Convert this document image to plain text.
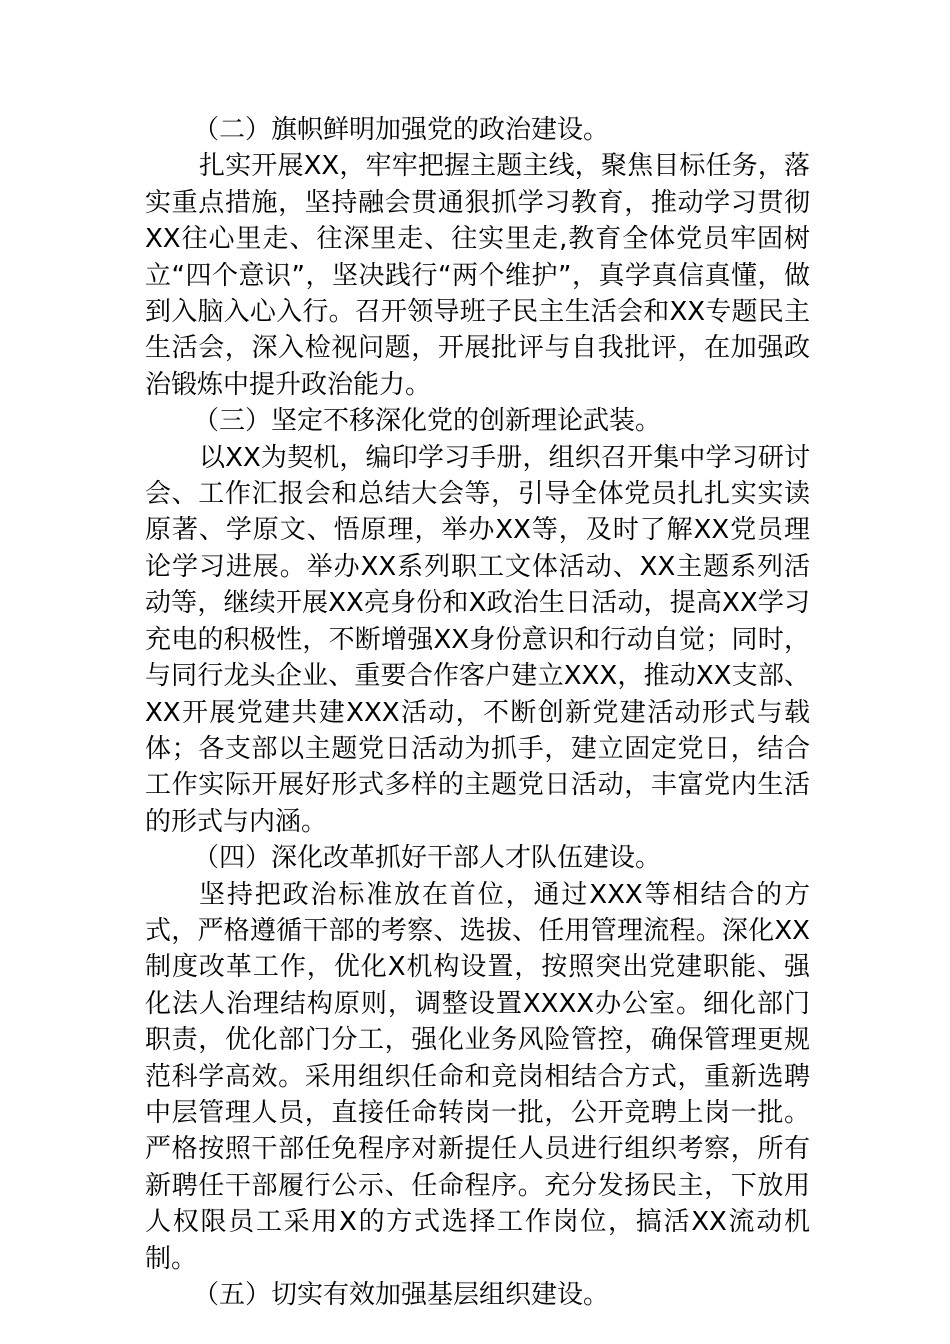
（二）旗帜鲜明加强党的政治建设。

扎实开展XX，牢牢把握主题主线，聚焦目标任务，落实重点措施，坚持融会贯通狠抓学习教育，推动学习贯彻XX往心里走、往深里走、往实里走,教育全体党员牢固树立“四个意识”，坚决践行“两个维护”，真学真信真懂，做到入脑入心入行。召开领导班子民主生活会和XX专题民主生活会，深入检视问题，开展批评与自我批评，在加强政治锻炼中提升政治能力。

（三）坚定不移深化党的创新理论武装。

以XX为契机，编印学习手册，组织召开集中学习研讨会、工作汇报会和总结大会等，引导全体党员扎扎实实读原著、学原文、悟原理，举办XX等，及时了解XX党员理论学习进展。举办XX系列职工文体活动、XX主题系列活动等，继续开展XX亮身份和X政治生日活动，提高XX学习充电的积极性，不断增强XX身份意识和行动自觉；同时，与同行龙头企业、重要合作客户建立XXX，推动XX支部、XX开展党建共建XXX活动，不断创新党建活动形式与载体；各支部以主题党日活动为抓手，建立固定党日，结合工作实际开展好形式多样的主题党日活动，丰富党内生活的形式与内涵。

（四）深化改革抓好干部人才队伍建设。

坚持把政治标准放在首位，通过XXX等相结合的方式，严格遵循干部的考察、选拔、任用管理流程。深化XX制度改革工作，优化X机构设置，按照突出党建职能、强化法人治理结构原则，调整设置XXXX办公室。细化部门职责，优化部门分工，强化业务风险管控，确保管理更规范科学高效。采用组织任命和竞岗相结合方式，重新选聘中层管理人员，直接任命转岗一批，公开竞聘上岗一批。严格按照干部任免程序对新提任人员进行组织考察，所有新聘任干部履行公示、任命程序。充分发扬民主，下放用人权限员工采用X的方式选择工作岗位，搞活XX流动机制。

（五）切实有效加强基层组织建设。
